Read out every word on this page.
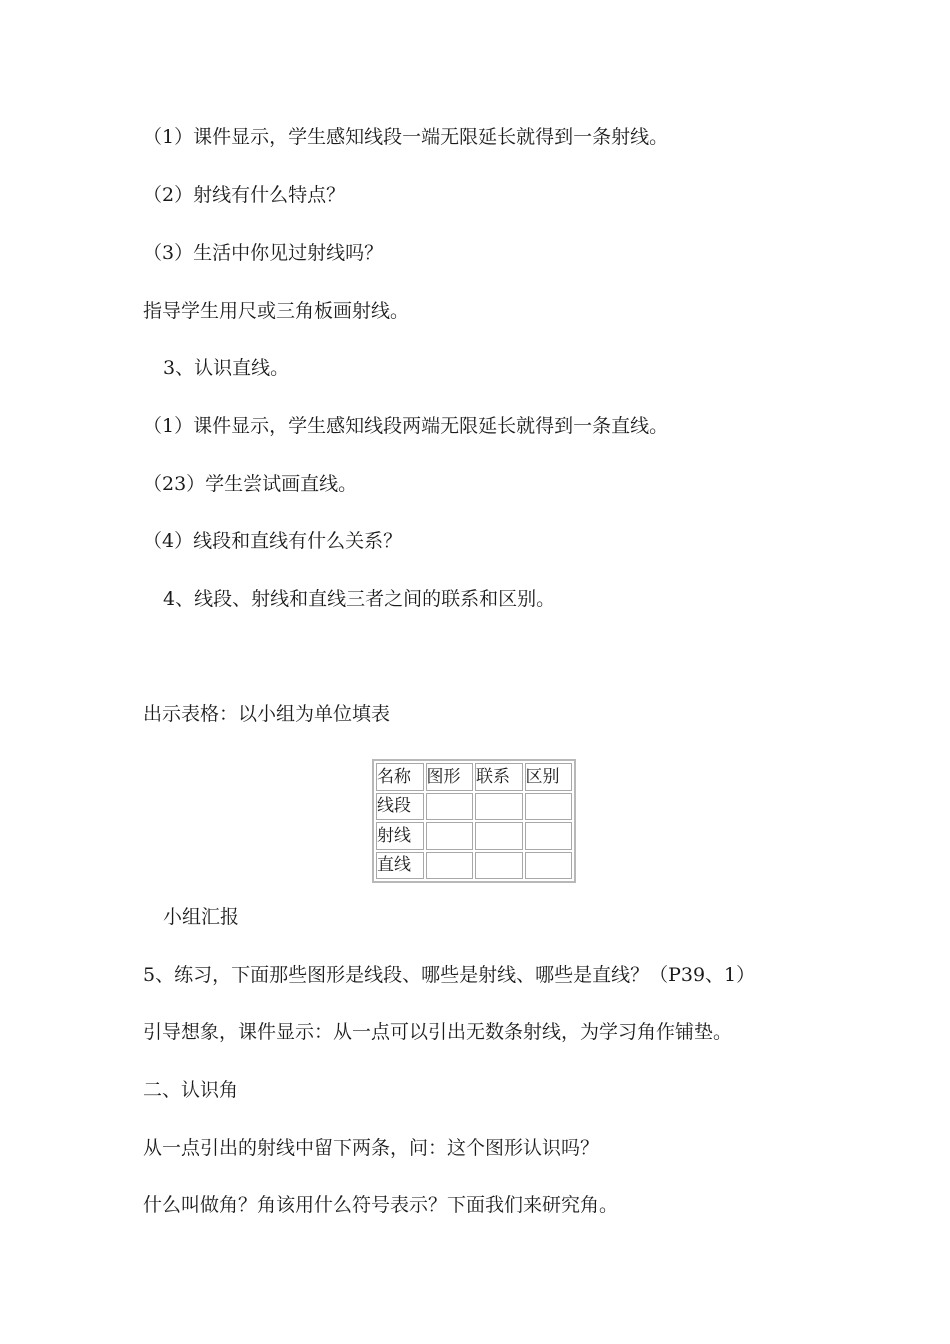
（1）课件显示，学生感知线段一端无限延长就得到一条射线。

（2）射线有什么特点？

（3）生活中你见过射线吗？

指导学生用尺或三角板画射线。

3、认识直线。

（1）课件显示，学生感知线段两端无限延长就得到一条直线。

（23）学生尝试画直线。

（4）线段和直线有什么关系？

4、线段、射线和直线三者之间的联系和区别。

出示表格：以小组为单位填表

名称	图形	联系	区别
线段			
射线			
直线			

小组汇报

5、练习，下面那些图形是线段、哪些是射线、哪些是直线？（P39、1）

引导想象，课件显示：从一点可以引出无数条射线，为学习角作铺垫。

二、认识角

从一点引出的射线中留下两条，问：这个图形认识吗？

什么叫做角？角该用什么符号表示？下面我们来研究角。
